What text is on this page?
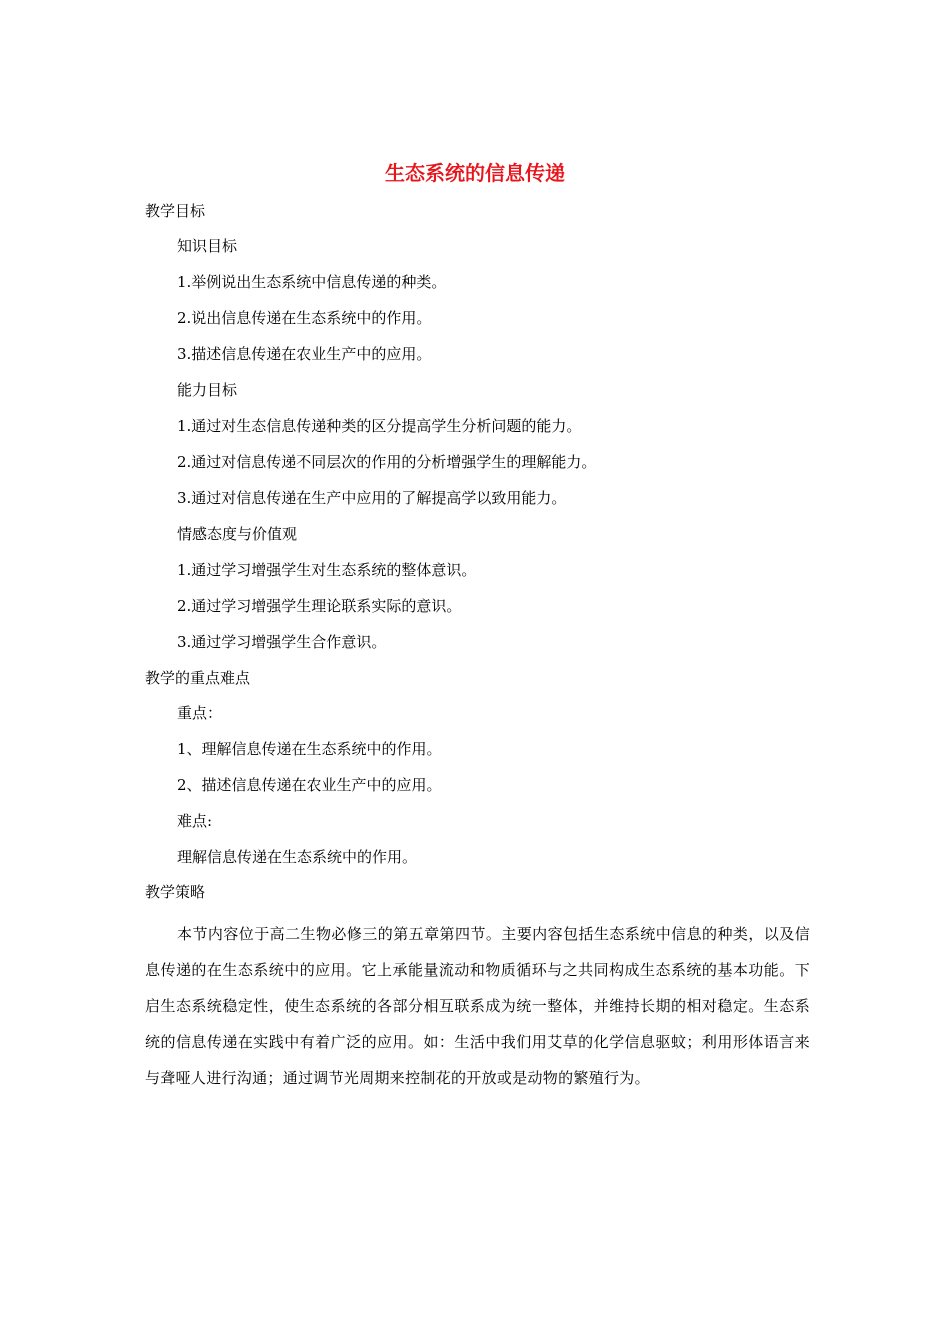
生态系统的信息传递
教学目标
知识目标
1.举例说出生态系统中信息传递的种类。
2.说出信息传递在生态系统中的作用。
3.描述信息传递在农业生产中的应用。
能力目标
1.通过对生态信息传递种类的区分提高学生分析问题的能力。
2.通过对信息传递不同层次的作用的分析增强学生的理解能力。
3.通过对信息传递在生产中应用的了解提高学以致用能力。
情感态度与价值观
1.通过学习增强学生对生态系统的整体意识。
2.通过学习增强学生理论联系实际的意识。
3.通过学习增强学生合作意识。
教学的重点难点
重点：
1、理解信息传递在生态系统中的作用。
2、描述信息传递在农业生产中的应用。
难点:
理解信息传递在生态系统中的作用。
教学策略
本节内容位于高二生物必修三的第五章第四节。主要内容包括生态系统中信息的种类，以及信息传递的在生态系统中的应用。它上承能量流动和物质循环与之共同构成生态系统的基本功能。下启生态系统稳定性，使生态系统的各部分相互联系成为统一整体，并维持长期的相对稳定。生态系统的信息传递在实践中有着广泛的应用。如：生活中我们用艾草的化学信息驱蚊；利用形体语言来与聋哑人进行沟通；通过调节光周期来控制花的开放或是动物的繁殖行为。
